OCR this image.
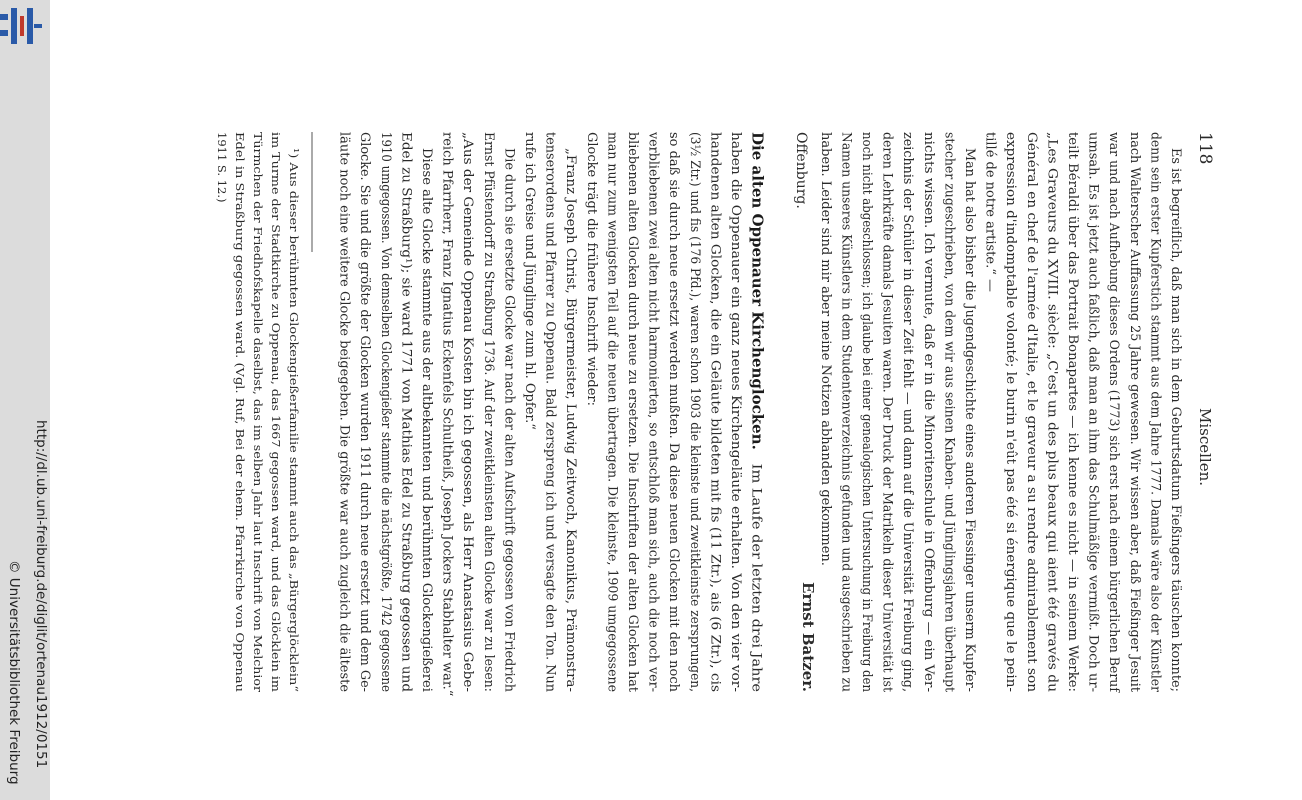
http://dl.ub.uni-freiburg.de/diglit/ortenau1912/0151
© Universitätsbibliothek Freiburg
118
Miscellen.
Es ist begreiflich, daß man sich in dem Geburtsdatum Fießingers täuschen konnte;
denn sein erster Kupferstich stammt aus dem Jahre 1777. Damals wäre also der Künstler
nach Walterscher Auffassung 25 Jahre gewesen. Wir wissen aber, daß Fießinger Jesuit
war und nach Aufhebung dieses Ordens (1773) sich erst nach einem bürgerlichen Beruf
umsah. Es ist jetzt auch faßlich, daß man an ihm das Schulmäßige vermißt. Doch ur-
teilt Béraldi über das Portrait Bonapartes — ich kenne es nicht — in seinem Werke:
„Les Graveurs du XVIII. siècle: „C'est un des plus beaux qui aient été gravés du
Général en chef de l'armée d'Italie, et le graveur a su rendre admirablement son
expression d'indomptable volonté; le burin n'eût pas été si énergique que le pein-
tillé de notre artiste.“ —
Man hat also bisher die Jugendgeschichte eines anderen Fiessinger unserm Kupfer-
stecher zugeschrieben, von dem wir aus seinen Knaben- und Jünglingsjahren überhaupt
nichts wissen. Ich vermute, daß er in die Minoritenschule in Offenburg — ein Ver-
zeichnis der Schüler in dieser Zeit fehlt — und dann auf die Universität Freiburg ging,
deren Lehrkräfte damals Jesuiten waren. Der Druck der Matrikeln dieser Universität ist
noch nicht abgeschlossen; ich glaube bei einer genealogischen Untersuchung in Freiburg den
Namen unseres Künstlers in dem Studentenverzeichnis gefunden und ausgeschrieben zu
haben. Leider sind mir aber meine Notizen abhanden gekommen.
Ernst Batzer.
Offenburg.
Die alten Oppenauer Kirchenglocken.
Im Laufe der letzten drei Jahre
haben die Oppenauer ein ganz neues Kirchengeläute erhalten. Von den vier vor-
handenen alten Glocken, die ein Geläute bildeten mit fis (11 Ztr.), ais (6 Ztr.), cis
(3½ Ztr.) und fis (176 Pfd.), waren schon 1903 die kleinste und zweitkleinste zersprungen,
so daß sie durch neue ersetzt werden mußten. Da diese neuen Glocken mit den noch
verbliebenen zwei alten nicht harmonierten, so entschloß man sich, auch die noch ver-
bliebenen alten Glocken durch neue zu ersetzen. Die Inschriften der alten Glocken hat
man nur zum wenigsten Teil auf die neuen übertragen. Die kleinste, 1909 umgegossene
Glocke trägt die frühere Inschrift wieder:
„Franz Joseph Christ, Bürgermeister, Ludwig Zeitwoch, Kanonikus, Prämonstra-
tenserordens und Pfarrer zu Oppenau. Bald zerspreng ich und versagte den Ton. Nun
rufe ich Greise und Jünglinge zum hl. Opfer.“
Die durch sie ersetzte Glocke war nach der alten Aufschrift gegossen von Friedrich
Ernst Pfüstendorff zu Straßburg 1736. Auf der zweitkleinsten alten Glocke war zu lesen:
„Aus der Gemeinde Oppenau Kosten bin ich gegossen, als Herr Anastasius Gebe-
reich Pfarrherr, Franz Ignatius Eckenfels Schultheiß, Joseph Jockers Stabhalter war.“
Diese alte Glocke stammte aus der altbekannten und berühmten Glockengießerei
Edel zu Straßburg¹); sie ward 1771 von Mathias Edel zu Straßburg gegossen und
1910 umgegossen. Von demselben Glockengießer stammte die nächstgrößte, 1742 gegossene
Glocke. Sie und die größte der Glocken wurden 1911 durch neue ersetzt und dem Ge-
läute noch eine weitere Glocke beigegeben. Die größte war auch zugleich die älteste
¹) Aus dieser berühmten Glockengießerfamilie stammt auch das „Bürgerglöcklein“
im Turme der Stadtkirche zu Oppenau, das 1667 gegossen ward, und das Glöcklein im
Türmchen der Friedhofskapelle daselbst, das im selben Jahr laut Inschrift von Melchior
Edel in Straßburg gegossen ward. (Vgl. Ruf, Bei der ehem. Pfarrkirche von Oppenau
1911 S. 12.)
